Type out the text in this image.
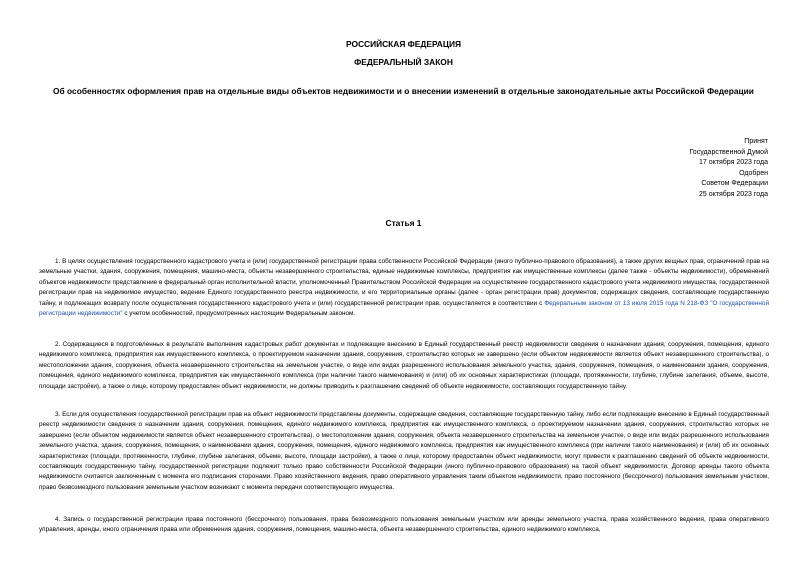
РОССИЙСКАЯ ФЕДЕРАЦИЯ
ФЕДЕРАЛЬНЫЙ ЗАКОН
Об особенностях оформления прав на отдельные виды объектов недвижимости и о внесении изменений в отдельные законодательные акты Российской Федерации
Принят
Государственной Думой
17 октября 2023 года
Одобрен
Советом Федерации
25 октября 2023 года
Статья 1

1. В целях осуществления государственного кадастрового учета и (или) государственной регистрации права собственности Российской Федерации (иного публично-правового образования), а также других вещных прав, ограничений прав на земельные участки, здания, сооружения, помещения, машино-места, объекты незавершенного строительства, единые недвижимые комплексы, предприятия как имущественные комплексы (далее также - объекты недвижимости), обременений объектов недвижимости представление в федеральный орган исполнительной власти, уполномоченный Правительством Российской Федерации на осуществление государственного кадастрового учета недвижимого имущества, государственной регистрации прав на недвижимое имущество, ведение Единого государственного реестра недвижимости, и его территориальные органы (далее - орган регистрации прав) документов, содержащих сведения, составляющие государственную тайну, и подлежащих возврату после осуществления государственного кадастрового учета и (или) государственной регистрации прав, осуществляется в соответствии с Федеральным законом от 13 июля 2015 года N 218-ФЗ "О государственной регистрации недвижимости" с учетом особенностей, предусмотренных настоящим Федеральным законом.

2. Содержащиеся в подготовленных в результате выполнения кадастровых работ документах и подлежащие внесению в Единый государственный реестр недвижимости сведения о назначении здания, сооружения, помещения, единого недвижимого комплекса, предприятия как имущественного комплекса, о проектируемом назначении здания, сооружения, строительство которых не завершено (если объектом недвижимости является объект незавершенного строительства), о местоположении здания, сооружения, объекта незавершенного строительства на земельном участке, о виде или видах разрешенного использования земельного участка, здания, сооружения, помещения, о наименовании здания, сооружения, помещения, единого недвижимого комплекса, предприятия как имущественного комплекса (при наличии такого наименования) и (или) об их основных характеристиках (площади, протяженности, глубине, глубине залегания, объеме, высоте, площади застройки), а также о лице, которому предоставлен объект недвижимости, не должны приводить к разглашению сведений об объекте недвижимости, составляющих государственную тайну.

3. Если для осуществления государственной регистрации прав на объект недвижимости представлены документы, содержащие сведения, составляющие государственную тайну, либо если подлежащие внесению в Единый государственный реестр недвижимости сведения о назначении здания, сооружения, помещения, единого недвижимого комплекса, предприятия как имущественного комплекса, о проектируемом назначении здания, сооружения, строительство которых не завершено (если объектом недвижимости является объект незавершенного строительства), о местоположении здания, сооружения, объекта незавершенного строительства на земельном участке, о виде или видах разрешенного использования земельного участка, здания, сооружения, помещения, о наименовании здания, сооружения, помещения, единого недвижимого комплекса, предприятия как имущественного комплекса (при наличии такого наименования) и (или) об их основных характеристиках (площади, протяженности, глубине, глубине залегания, объеме, высоте, площади застройки), а также о лице, которому предоставлен объект недвижимости, могут привести к разглашению сведений об объекте недвижимости, составляющих государственную тайну, государственной регистрации подлежит только право собственности Российской Федерации (иного публично-правового образования) на такой объект недвижимости. Договор аренды такого объекта недвижимости считается заключенным с момента его подписания сторонами. Право хозяйственного ведения, право оперативного управления таким объектом недвижимости, право постоянного (бессрочного) пользования земельным участком, право безвозмездного пользования земельным участком возникают с момента передачи соответствующего имущества.

4. Запись о государственной регистрации права постоянного (бессрочного) пользования, права безвозмездного пользования земельным участком или аренды земельного участка, права хозяйственного ведения, права оперативного управления, аренды, иного ограничения права или обременения здания, сооружения, помещения, машино-места, объекта незавершенного строительства, единого недвижимого комплекса,
